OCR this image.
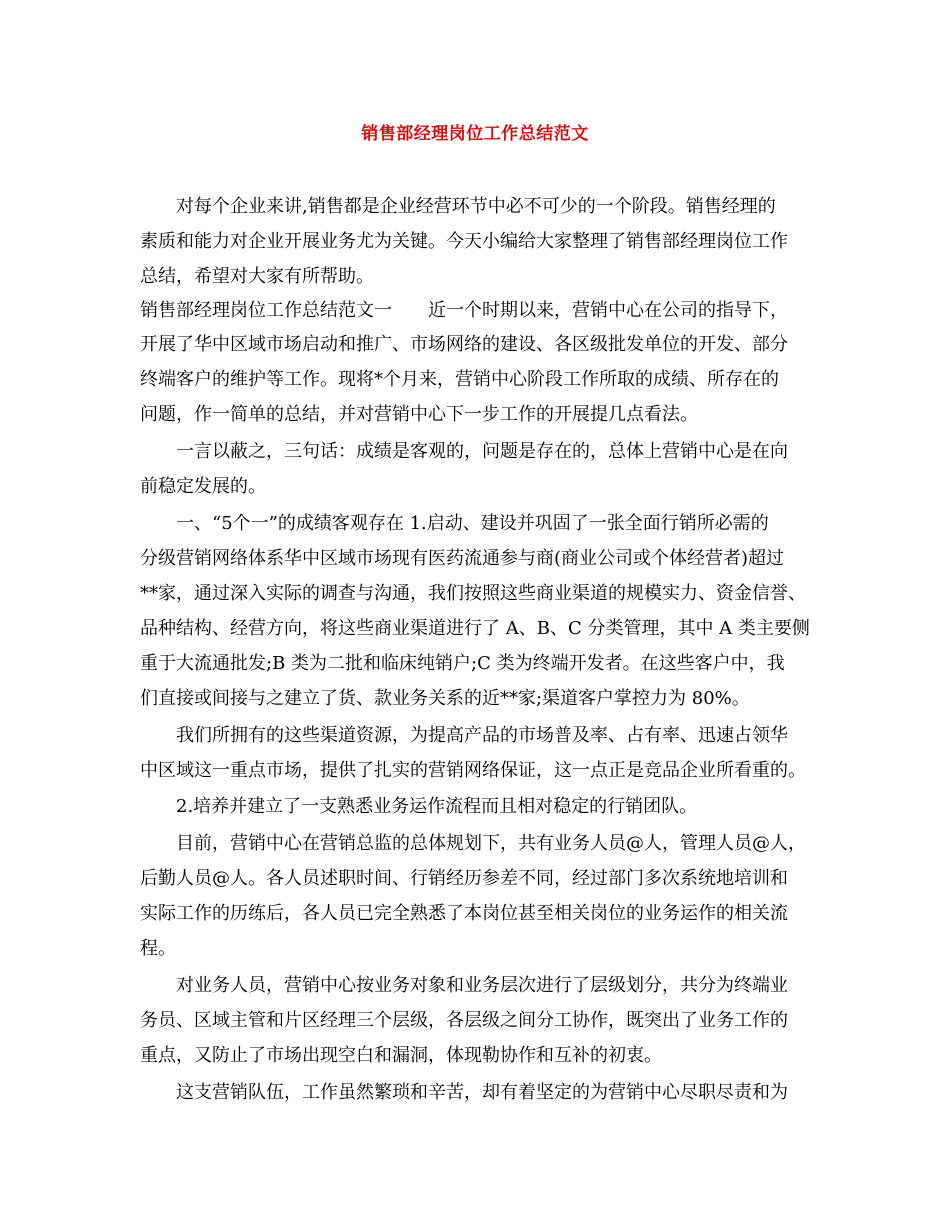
销售部经理岗位工作总结范文
对每个企业来讲,销售都是企业经营环节中必不可少的一个阶段。销售经理的
素质和能力对企业开展业务尤为关键。今天小编给大家整理了销售部经理岗位工作
总结，希望对大家有所帮助。
销售部经理岗位工作总结范文一　　近一个时期以来，营销中心在公司的指导下，
开展了华中区域市场启动和推广、市场网络的建设、各区级批发单位的开发、部分
终端客户的维护等工作。现将*个月来，营销中心阶段工作所取的成绩、所存在的
问题，作一简单的总结，并对营销中心下一步工作的开展提几点看法。
一言以蔽之，三句话：成绩是客观的，问题是存在的，总体上营销中心是在向
前稳定发展的。
一、“5个一”的成绩客观存在 1.启动、建设并巩固了一张全面行销所必需的
分级营销网络体系华中区域市场现有医药流通参与商(商业公司或个体经营者)超过
**家，通过深入实际的调查与沟通，我们按照这些商业渠道的规模实力、资金信誉、
品种结构、经营方向，将这些商业渠道进行了 A、B、C 分类管理，其中 A 类主要侧
重于大流通批发;B 类为二批和临床纯销户;C 类为终端开发者。在这些客户中，我
们直接或间接与之建立了货、款业务关系的近**家;渠道客户掌控力为 80%。
我们所拥有的这些渠道资源，为提高产品的市场普及率、占有率、迅速占领华
中区域这一重点市场，提供了扎实的营销网络保证，这一点正是竞品企业所看重的。
2.培养并建立了一支熟悉业务运作流程而且相对稳定的行销团队。
目前，营销中心在营销总监的总体规划下，共有业务人员@人，管理人员@人，
后勤人员@人。各人员述职时间、行销经历参差不同，经过部门多次系统地培训和
实际工作的历练后，各人员已完全熟悉了本岗位甚至相关岗位的业务运作的相关流
程。
对业务人员，营销中心按业务对象和业务层次进行了层级划分，共分为终端业
务员、区域主管和片区经理三个层级，各层级之间分工协作，既突出了业务工作的
重点，又防止了市场出现空白和漏洞，体现勒协作和互补的初衷。
这支营销队伍，工作虽然繁琐和辛苦，却有着坚定的为营销中心尽职尽责和为
